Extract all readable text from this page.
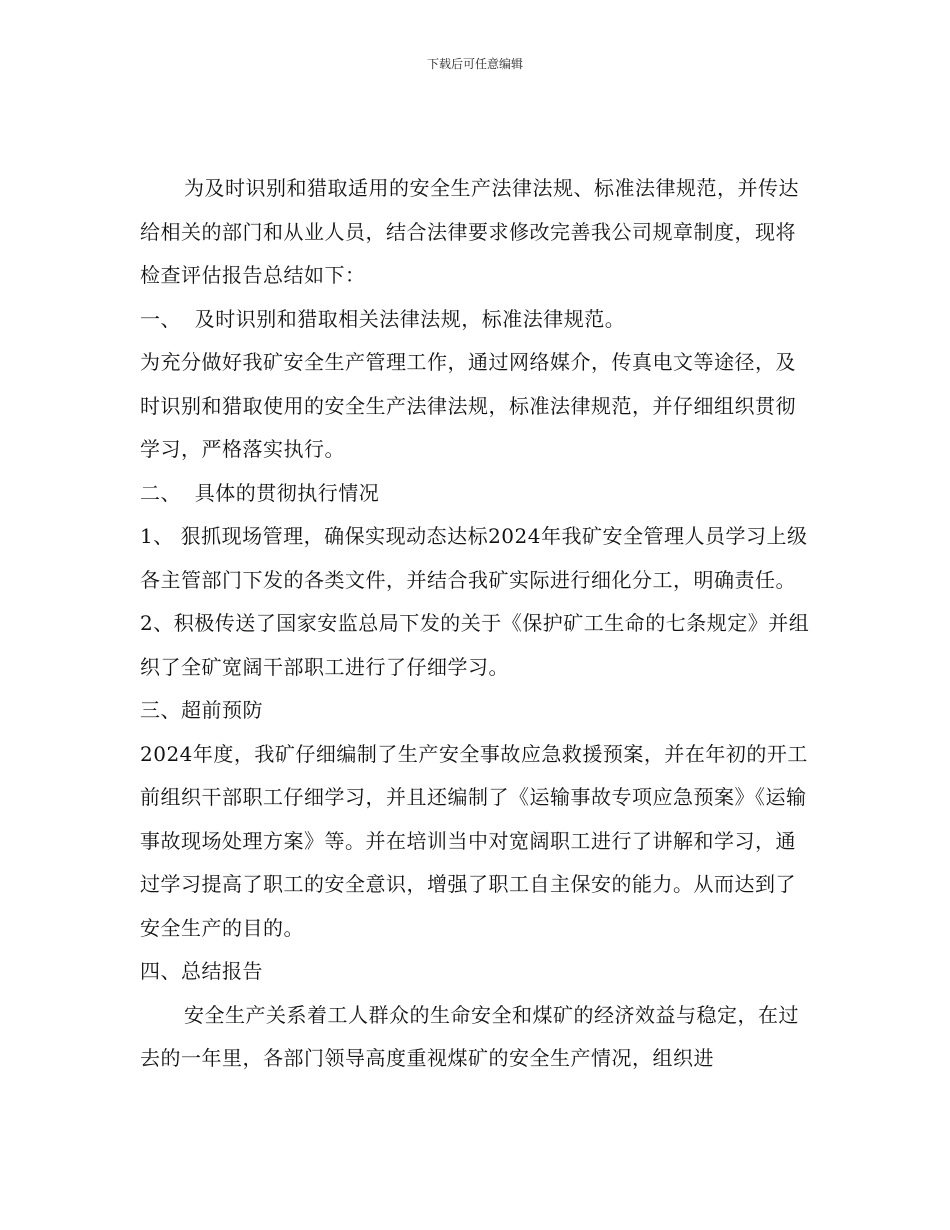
下载后可任意编辑

为及时识别和猎取适用的安全生产法律法规、标准法律规范，并传达给相关的部门和从业人员，结合法律要求修改完善我公司规章制度，现将检查评估报告总结如下：

一、  及时识别和猎取相关法律法规，标准法律规范。

为充分做好我矿安全生产管理工作，通过网络媒介，传真电文等途径，及时识别和猎取使用的安全生产法律法规，标准法律规范，并仔细组织贯彻学习，严格落实执行。

二、  具体的贯彻执行情况

1、 狠抓现场管理，确保实现动态达标2024年我矿安全管理人员学习上级各主管部门下发的各类文件，并结合我矿实际进行细化分工，明确责任。

2、积极传送了国家安监总局下发的关于《保护矿工生命的七条规定》并组织了全矿宽阔干部职工进行了仔细学习。

三、超前预防

2024年度，我矿仔细编制了生产安全事故应急救援预案，并在年初的开工前组织干部职工仔细学习，并且还编制了《运输事故专项应急预案》《运输事故现场处理方案》等。并在培训当中对宽阔职工进行了讲解和学习，通过学习提高了职工的安全意识，增强了职工自主保安的能力。从而达到了安全生产的目的。

四、总结报告

安全生产关系着工人群众的生命安全和煤矿的经济效益与稳定，在过去的一年里，各部门领导高度重视煤矿的安全生产情况，组织进
